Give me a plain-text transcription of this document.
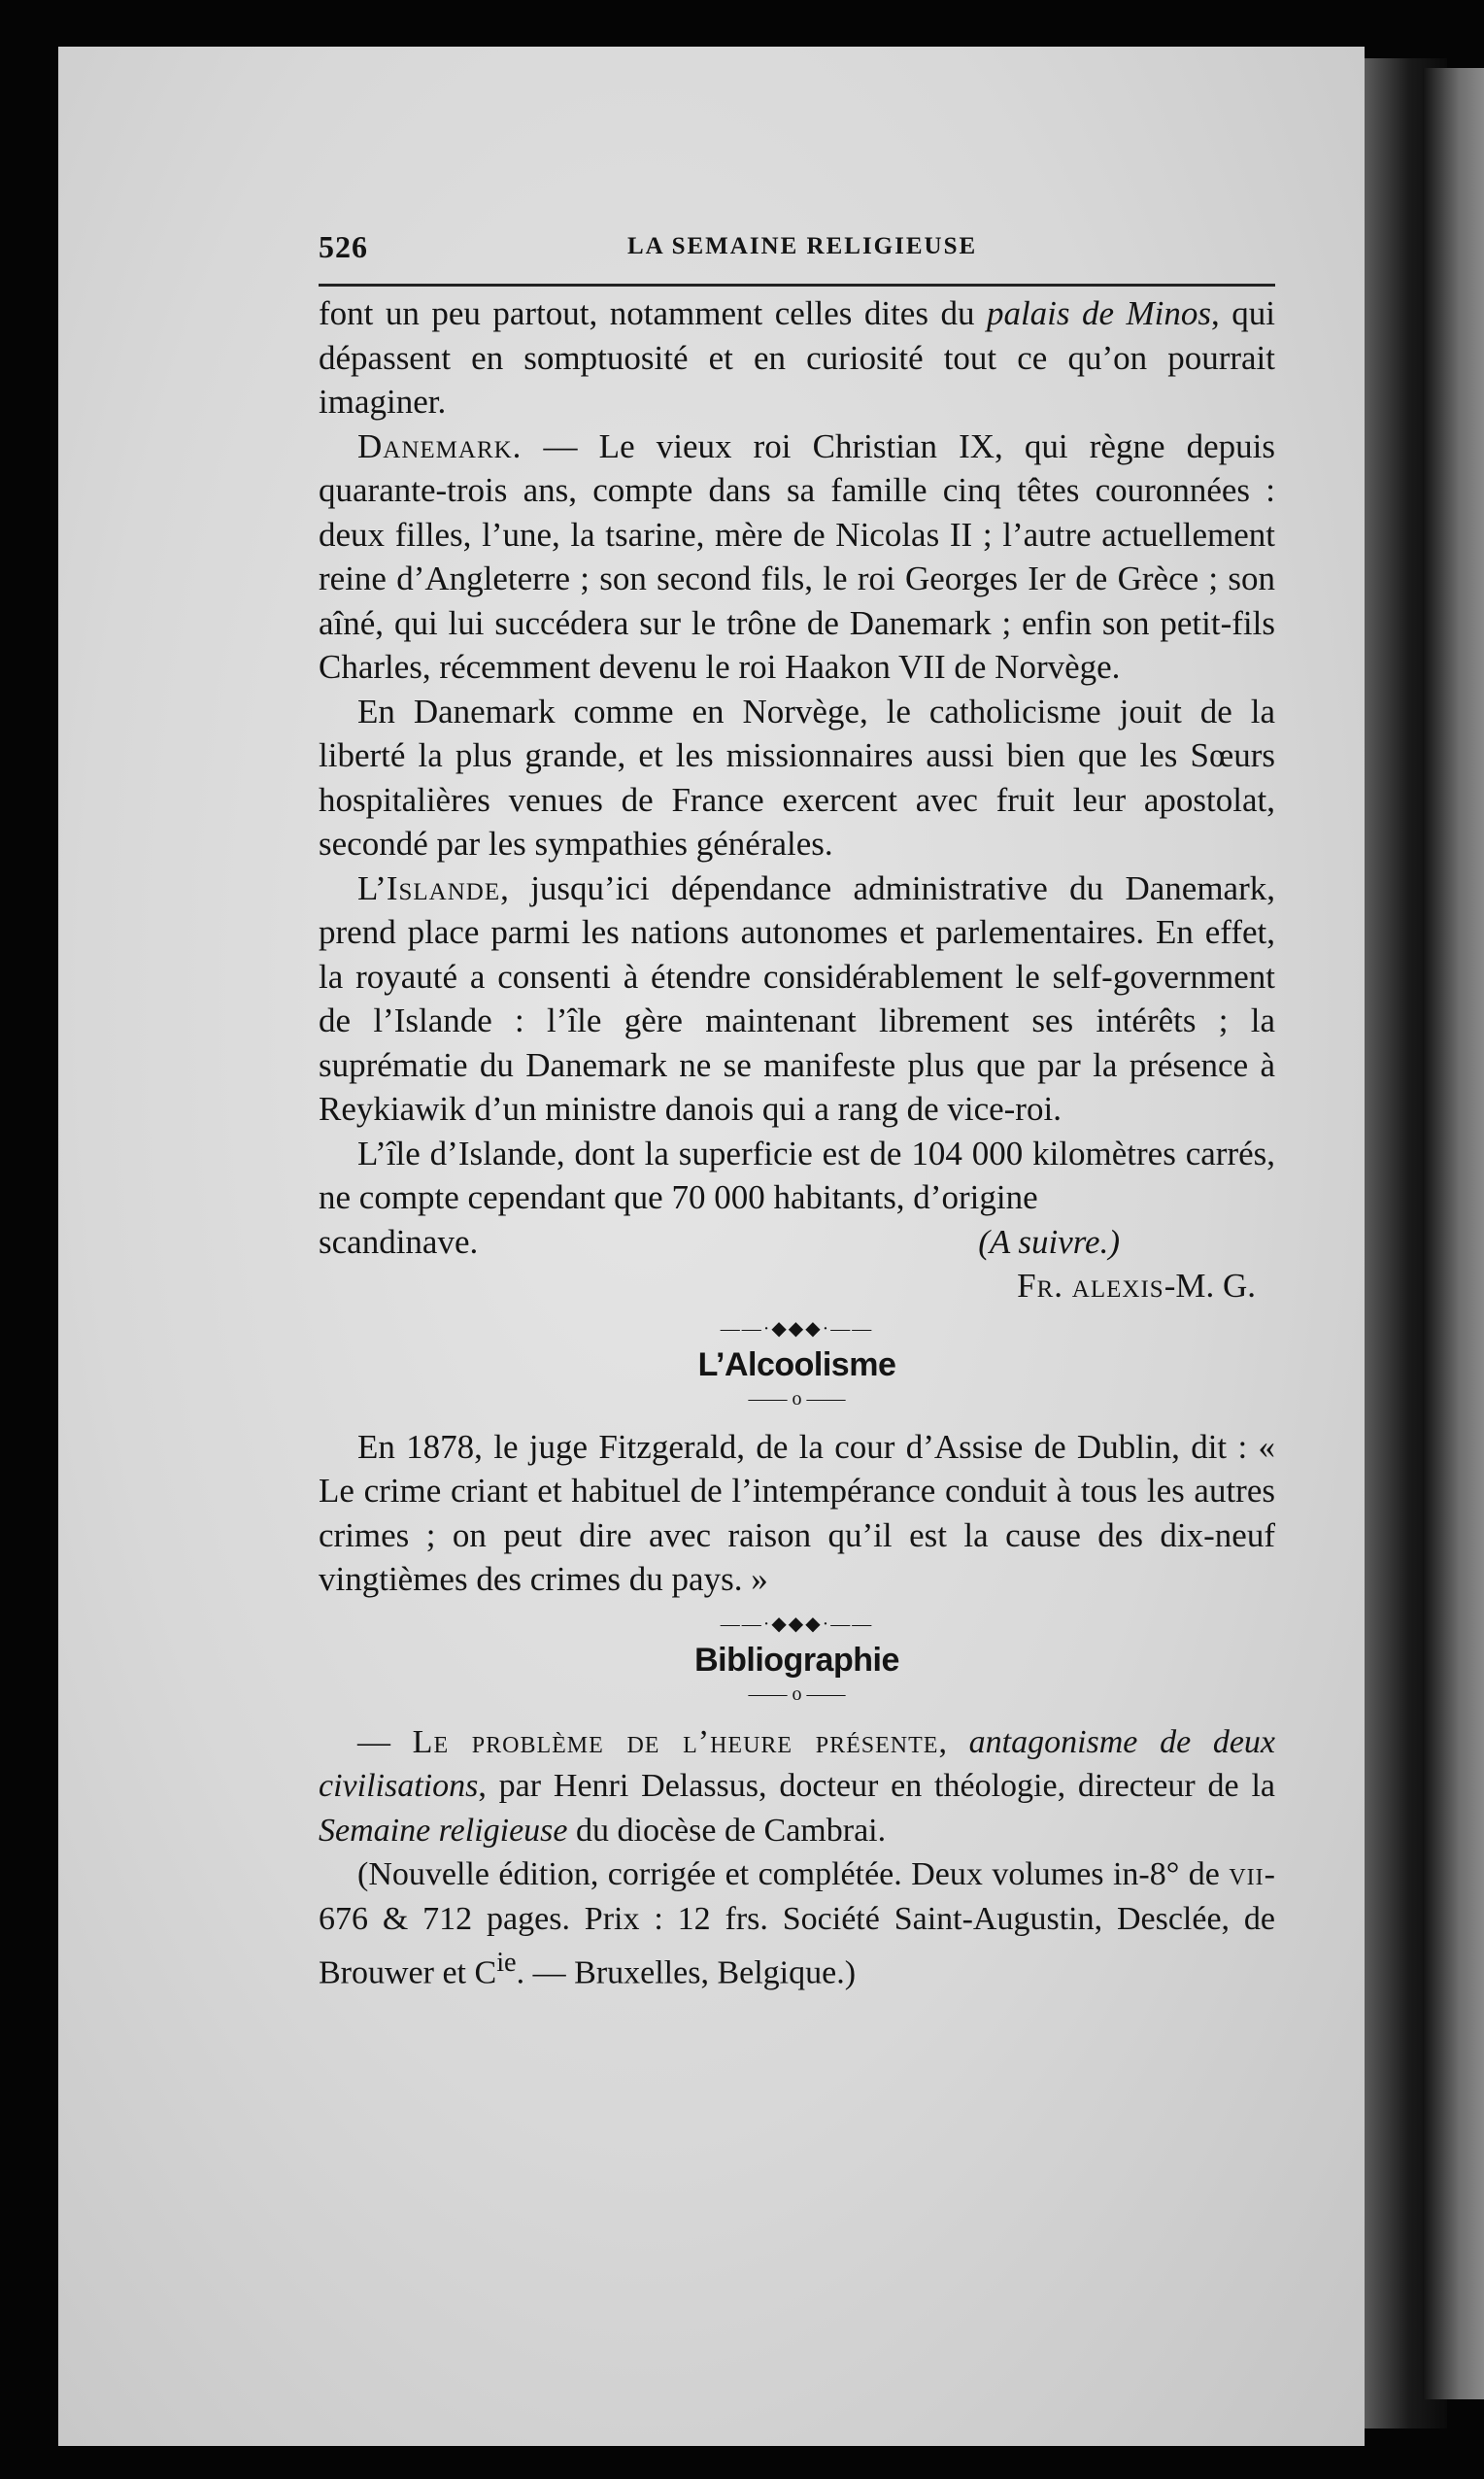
526	LA SEMAINE RELIGIEUSE

font un peu partout, notamment celles dites du palais de Minos, qui dépassent en somptuosité et en curiosité tout ce qu’on pourrait imaginer.

Danemark. — Le vieux roi Christian IX, qui règne depuis quarante-trois ans, compte dans sa famille cinq têtes couronnées : deux filles, l’une, la tsarine, mère de Nicolas II ; l’autre actuellement reine d’Angleterre ; son second fils, le roi Georges Ier de Grèce ; son aîné, qui lui succédera sur le trône de Danemark ; enfin son petit-fils Charles, récemment devenu le roi Haakon VII de Norvège.

En Danemark comme en Norvège, le catholicisme jouit de la liberté la plus grande, et les missionnaires aussi bien que les Sœurs hospitalières venues de France exercent avec fruit leur apostolat, secondé par les sympathies générales.

L’Islande, jusqu’ici dépendance administrative du Danemark, prend place parmi les nations autonomes et parlementaires. En effet, la royauté a consenti à étendre considérablement le self-government de l’Islande : l’île gère maintenant librement ses intérêts ; la suprématie du Danemark ne se manifeste plus que par la présence à Reykiawik d’un ministre danois qui a rang de vice-roi.

L’île d’Islande, dont la superficie est de 104 000 kilomètres carrés, ne compte cependant que 70 000 habitants, d’origine

scandinave.	(A suivre.)
Fr. alexis-M. G.
——·◆◆◆·——
L’Alcoolisme
—— o ——

En 1878, le juge Fitzgerald, de la cour d’Assise de Dublin, dit : « Le crime criant et habituel de l’intempérance conduit à tous les autres crimes ; on peut dire avec raison qu’il est la cause des dix-neuf vingtièmes des crimes du pays. »

——·◆◆◆·——
Bibliographie
—— o ——

— Le problème de l’heure présente, antagonisme de deux civilisations, par Henri Delassus, docteur en théologie, directeur de la Semaine religieuse du diocèse de Cambrai.

(Nouvelle édition, corrigée et complétée. Deux volumes in-8° de vii-676 & 712 pages. Prix : 12 frs. Société Saint-Augustin, Desclée, de Brouwer et $C^{ie}$. — Bruxelles, Belgique.)
